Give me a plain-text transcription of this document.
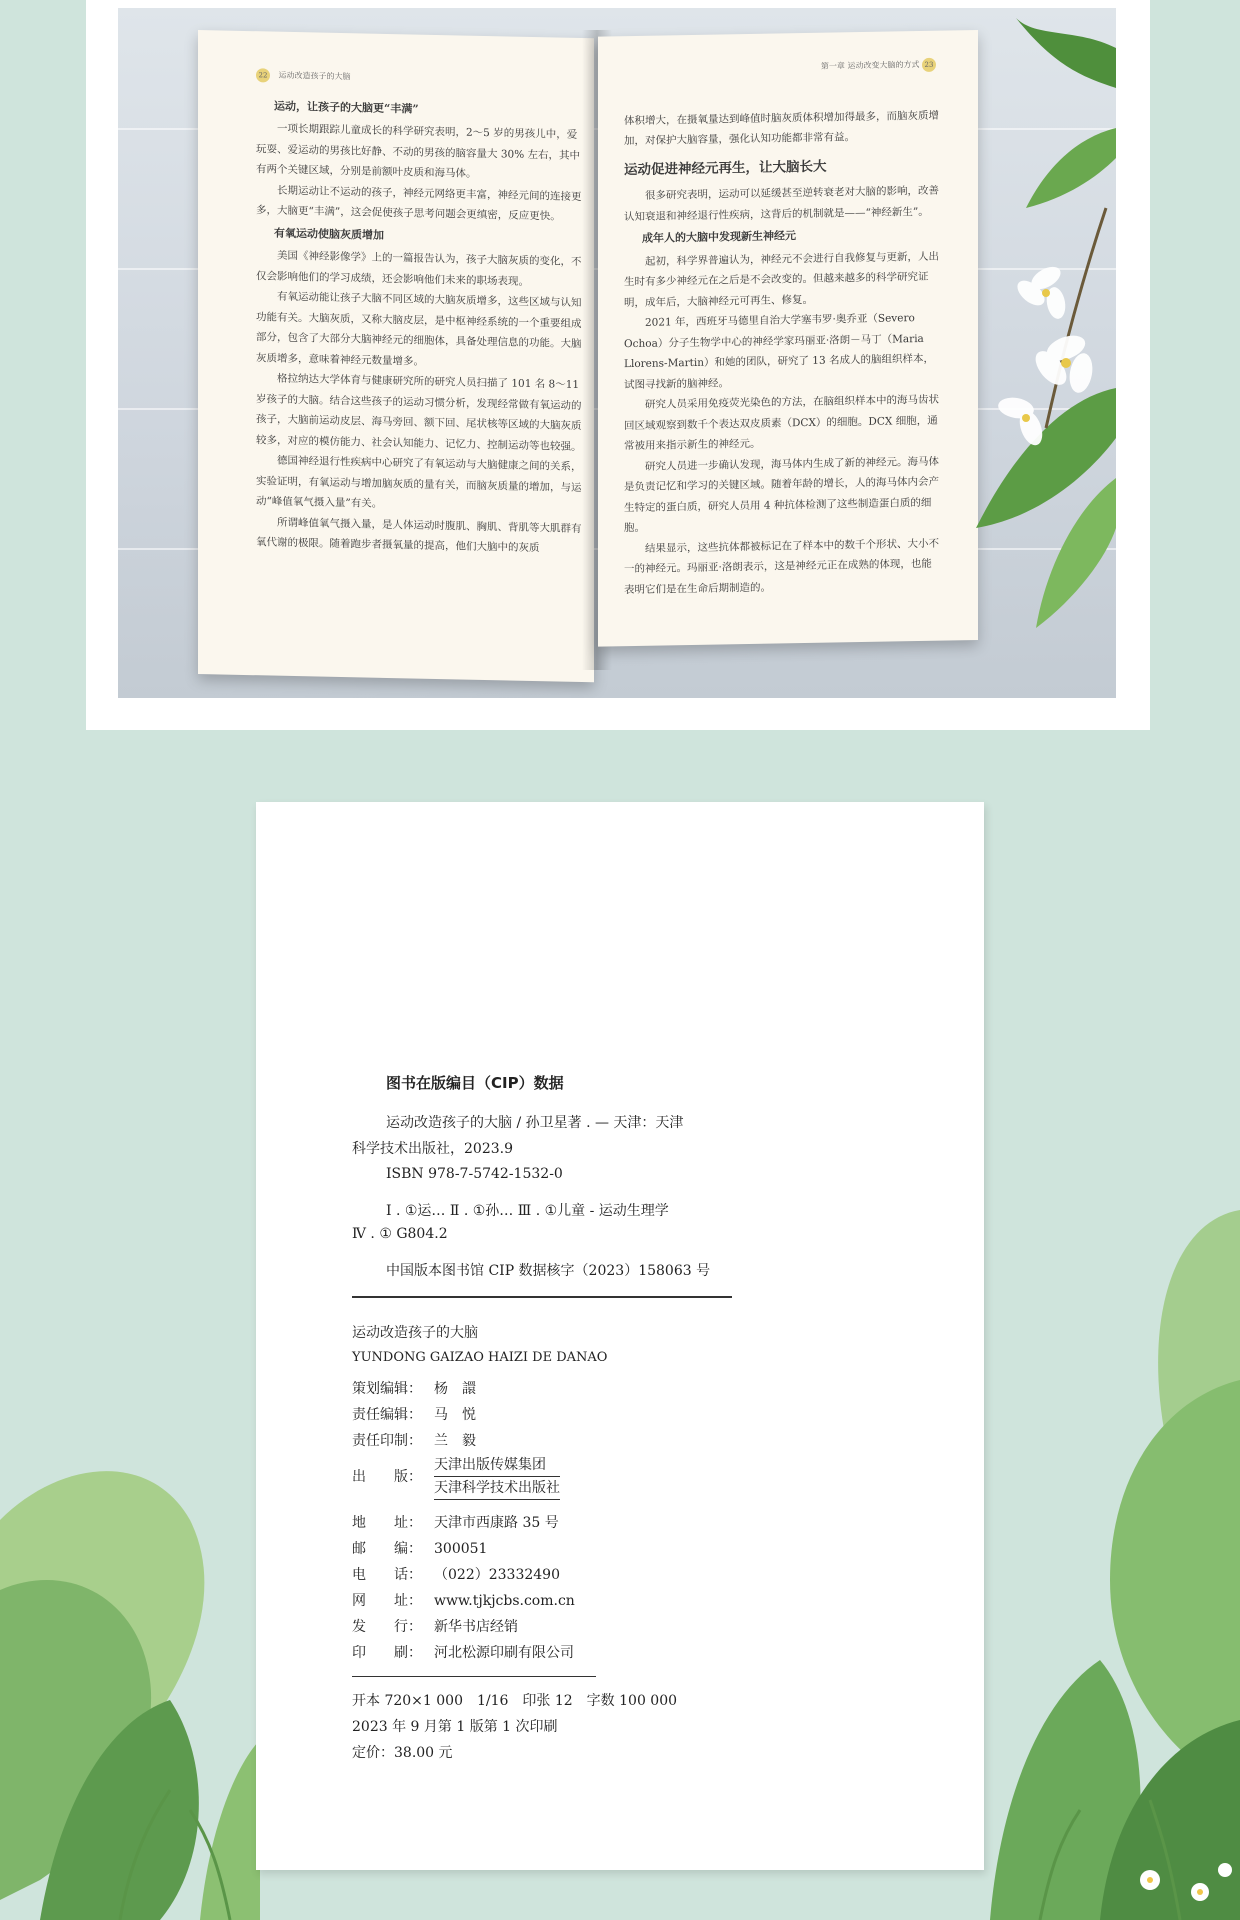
22 运动改造孩子的大脑
运动，让孩子的大脑更“丰满”

一项长期跟踪儿童成长的科学研究表明，2～5 岁的男孩儿中，爱玩耍、爱运动的男孩比好静、不动的男孩的脑容量大 30% 左右，其中有两个关键区域，分别是前额叶皮质和海马体。

长期运动让不运动的孩子，神经元网络更丰富，神经元间的连接更多，大脑更“丰满”，这会促使孩子思考问题会更缜密，反应更快。

有氧运动使脑灰质增加

美国《神经影像学》上的一篇报告认为，孩子大脑灰质的变化，不仅会影响他们的学习成绩，还会影响他们未来的职场表现。

有氧运动能让孩子大脑不同区域的大脑灰质增多，这些区域与认知功能有关。大脑灰质，又称大脑皮层，是中枢神经系统的一个重要组成部分，包含了大部分大脑神经元的细胞体，具备处理信息的功能。大脑灰质增多，意味着神经元数量增多。

格拉纳达大学体育与健康研究所的研究人员扫描了 101 名 8～11 岁孩子的大脑。结合这些孩子的运动习惯分析，发现经常做有氧运动的孩子，大脑前运动皮层、海马旁回、额下回、尾状核等区域的大脑灰质较多，对应的模仿能力、社会认知能力、记忆力、控制运动等也较强。

德国神经退行性疾病中心研究了有氧运动与大脑健康之间的关系，实验证明，有氧运动与增加脑灰质的量有关，而脑灰质量的增加，与运动“峰值氧气摄入量”有关。

所谓峰值氧气摄入量，是人体运动时腹肌、胸肌、背肌等大肌群有氧代谢的极限。随着跑步者摄氧量的提高，他们大脑中的灰质

第一章 运动改变大脑的方式 23

体积增大，在摄氧量达到峰值时脑灰质体积增加得最多，而脑灰质增加，对保护大脑容量，强化认知功能都非常有益。

运动促进神经元再生，让大脑长大

很多研究表明，运动可以延缓甚至逆转衰老对大脑的影响，改善认知衰退和神经退行性疾病，这背后的机制就是——“神经新生”。

成年人的大脑中发现新生神经元

起初，科学界普遍认为，神经元不会进行自我修复与更新，人出生时有多少神经元在之后是不会改变的。但越来越多的科学研究证明，成年后，大脑神经元可再生、修复。

2021 年，西班牙马德里自治大学塞韦罗·奥乔亚（Severo Ochoa）分子生物学中心的神经学家玛丽亚·洛朗－马丁（Maria Llorens-Martin）和她的团队，研究了 13 名成人的脑组织样本，试图寻找新的脑神经。

研究人员采用免疫荧光染色的方法，在脑组织样本中的海马齿状回区域观察到数千个表达双皮质素（DCX）的细胞。DCX 细胞，通常被用来指示新生的神经元。

研究人员进一步确认发现，海马体内生成了新的神经元。海马体是负责记忆和学习的关键区域。随着年龄的增长，人的海马体内会产生特定的蛋白质，研究人员用 4 种抗体检测了这些制造蛋白质的细胞。

结果显示，这些抗体都被标记在了样本中的数千个形状、大小不一的神经元。玛丽亚·洛朗表示，这是神经元正在成熟的体现，也能表明它们是在生命后期制造的。

图书在版编目（CIP）数据
运动改造孩子的大脑 / 孙卫星著 . — 天津：天津
科学技术出版社，2023.9
ISBN 978-7-5742-1532-0
Ⅰ . ①运… Ⅱ . ①孙… Ⅲ . ①儿童 - 运动生理学
Ⅳ . ① G804.2
中国版本图书馆 CIP 数据核字（2023）158063 号
运动改造孩子的大脑
YUNDONG GAIZAO HAIZI DE DANAO
策划编辑： 杨　譞
责任编辑： 马　悦
责任印制： 兰　毅
出　　版：
天津出版传媒集团
天津科学技术出版社
地　　址： 天津市西康路 35 号
邮　　编： 300051
电　　话： （022）23332490
网　　址： www.tjkjcbs.com.cn
发　　行： 新华书店经销
印　　刷： 河北松源印刷有限公司
开本 720×1 000　1/16　印张 12　字数 100 000
2023 年 9 月第 1 版第 1 次印刷
定价：38.00 元
